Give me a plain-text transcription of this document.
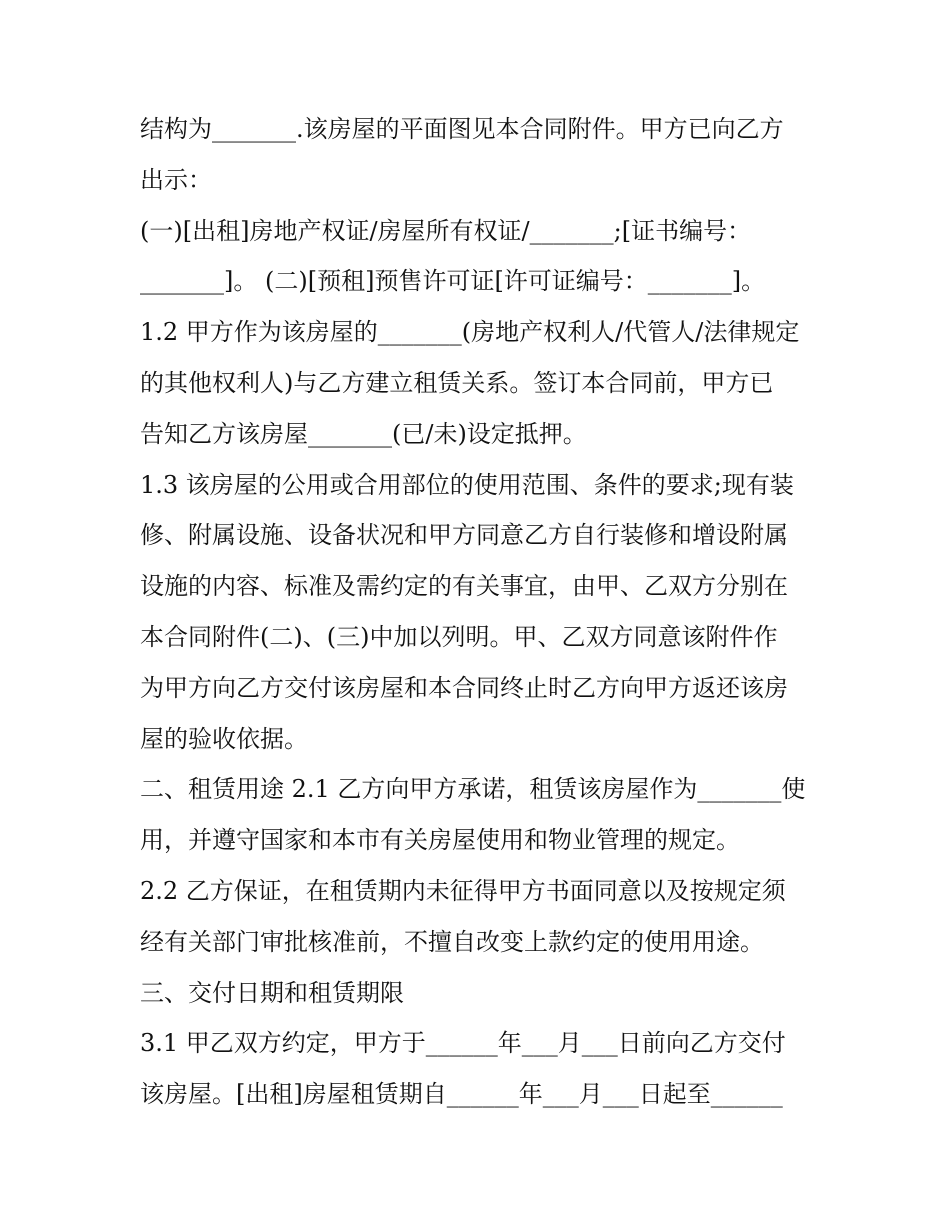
结构为_______.该房屋的平面图见本合同附件。甲方已向乙方
出示：
(一)[出租]房地产权证/房屋所有权证/_______;[证书编号：
_______]。 (二)[预租]预售许可证[许可证编号：_______]。
1.2 甲方作为该房屋的_______(房地产权利人/代管人/法律规定
的其他权利人)与乙方建立租赁关系。签订本合同前，甲方已
告知乙方该房屋_______(已/未)设定抵押。
1.3 该房屋的公用或合用部位的使用范围、条件的要求;现有装
修、附属设施、设备状况和甲方同意乙方自行装修和增设附属
设施的内容、标准及需约定的有关事宜，由甲、乙双方分别在
本合同附件(二)、(三)中加以列明。甲、乙双方同意该附件作
为甲方向乙方交付该房屋和本合同终止时乙方向甲方返还该房
屋的验收依据。
二、租赁用途 2.1 乙方向甲方承诺，租赁该房屋作为_______使
用，并遵守国家和本市有关房屋使用和物业管理的规定。
2.2 乙方保证，在租赁期内未征得甲方书面同意以及按规定须
经有关部门审批核准前，不擅自改变上款约定的使用用途。
三、交付日期和租赁期限
3.1 甲乙双方约定，甲方于______年___月___日前向乙方交付
该房屋。[出租]房屋租赁期自______年___月___日起至______
